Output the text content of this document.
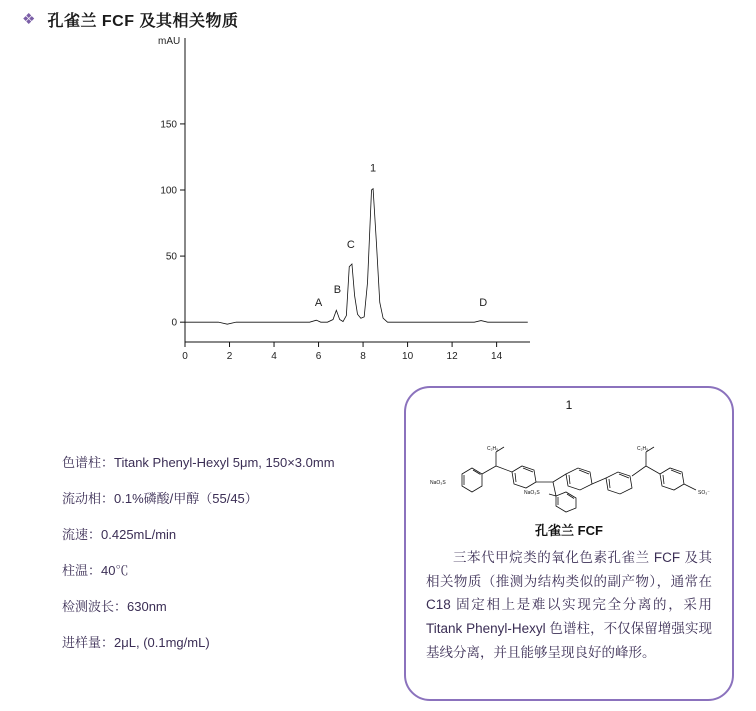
❖ 孔雀兰 FCF 及其相关物质
0
50
100
150
0	2	4	6	8	10	12	14
mAU
A
B
C
1
D
色谱柱：Titank Phenyl-Hexyl 5μm, 150×3.0mm
流动相：0.1%磷酸/甲醇（55/45）
流速：0.425mL/min
柱温：40℃
检测波长：630nm
进样量：2μL, (0.1mg/mL)
1
C₂H₅	C₂H₅
NaO₃S
NaO₃S	SO₃⁻
孔雀兰 FCF
三苯代甲烷类的氧化色素孔雀兰 FCF 及其相关物质（推测为结构类似的副产物），通常在 C18 固定相上是难以实现完全分离的，采用 Titank Phenyl-Hexyl 色谱柱，不仅保留增强实现基线分离，并且能够呈现良好的峰形。
